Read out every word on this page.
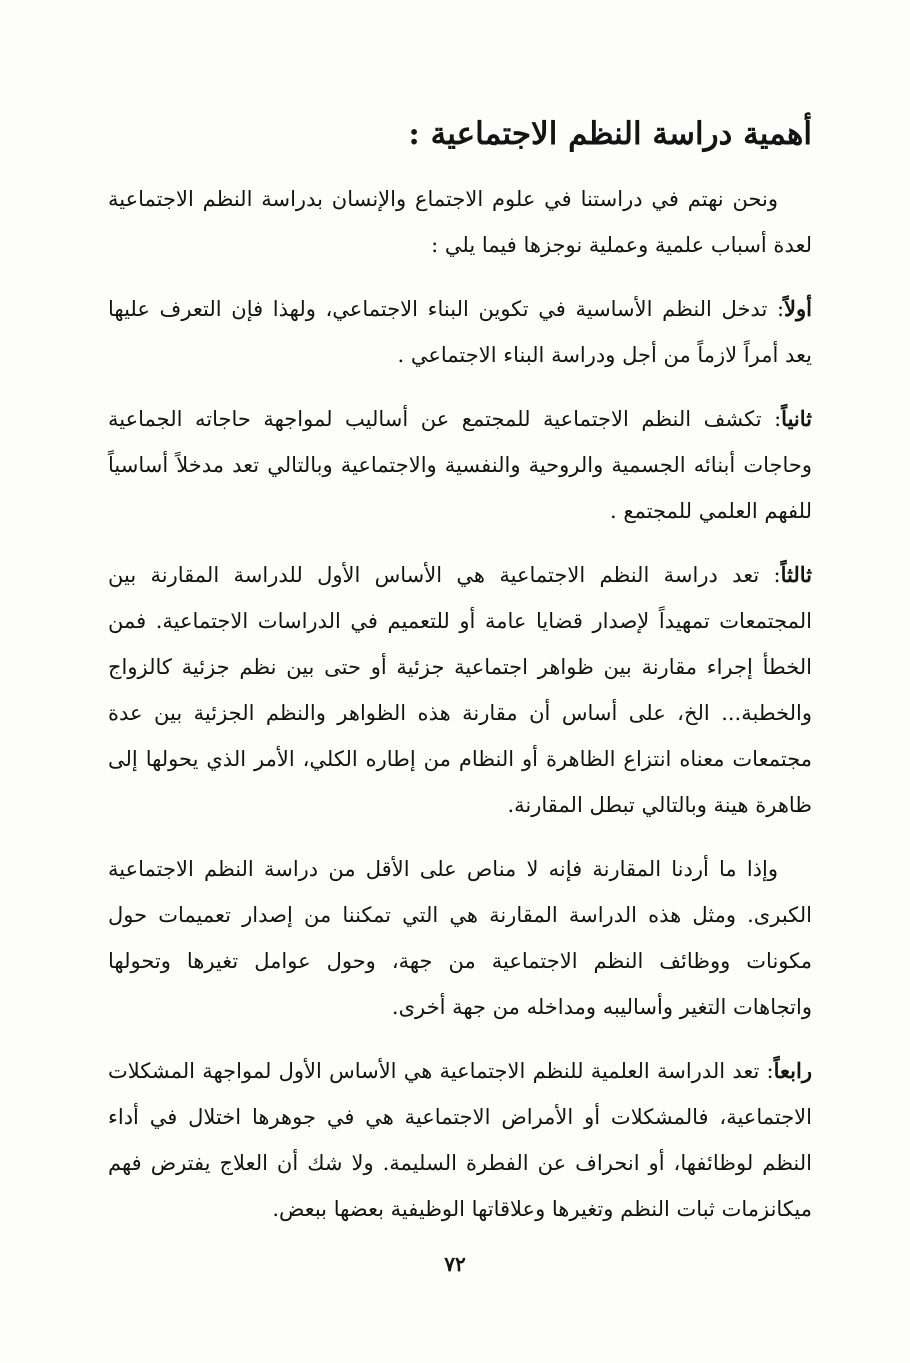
أهمية دراسة النظم الاجتماعية :

ونحن نهتم في دراستنا في علوم الاجتماع والإنسان بدراسة النظم الاجتماعية لعدة أسباب علمية وعملية نوجزها فيما يلي :

أولاً: تدخل النظم الأساسية في تكوين البناء الاجتماعي، ولهذا فإن التعرف عليها يعد أمراً لازماً من أجل ودراسة البناء الاجتماعي .

ثانياً: تكشف النظم الاجتماعية للمجتمع عن أساليب لمواجهة حاجاته الجماعية وحاجات أبنائه الجسمية والروحية والنفسية والاجتماعية وبالتالي تعد مدخلاً أساسياً للفهم العلمي للمجتمع .

ثالثاً: تعد دراسة النظم الاجتماعية هي الأساس الأول للدراسة المقارنة بين المجتمعات تمهيداً لإصدار قضايا عامة أو للتعميم في الدراسات الاجتماعية. فمن الخطأ إجراء مقارنة بين ظواهر اجتماعية جزئية أو حتى بين نظم جزئية كالزواج والخطبة... الخ، على أساس أن مقارنة هذه الظواهر والنظم الجزئية بين عدة مجتمعات معناه انتزاع الظاهرة أو النظام من إطاره الكلي، الأمر الذي يحولها إلى ظاهرة هينة وبالتالي تبطل المقارنة.

وإذا ما أردنا المقارنة فإنه لا مناص على الأقل من دراسة النظم الاجتماعية الكبرى. ومثل هذه الدراسة المقارنة هي التي تمكننا من إصدار تعميمات حول مكونات ووظائف النظم الاجتماعية من جهة، وحول عوامل تغيرها وتحولها واتجاهات التغير وأساليبه ومداخله من جهة أخرى.

رابعاً: تعد الدراسة العلمية للنظم الاجتماعية هي الأساس الأول لمواجهة المشكلات الاجتماعية، فالمشكلات أو الأمراض الاجتماعية هي في جوهرها اختلال في أداء النظم لوظائفها، أو انحراف عن الفطرة السليمة. ولا شك أن العلاج يفترض فهم ميكانزمات ثبات النظم وتغيرها وعلاقاتها الوظيفية بعضها ببعض.

٧٢
